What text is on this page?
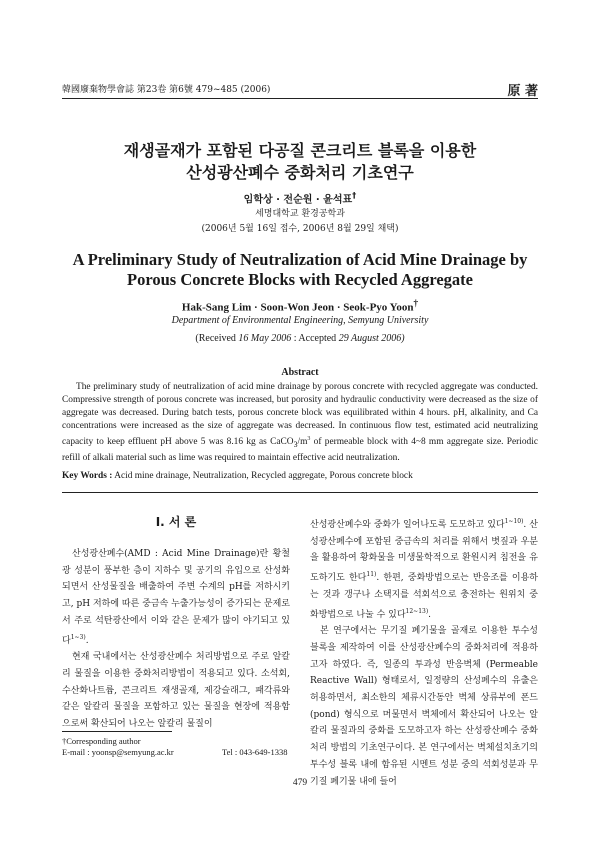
韓國廢棄物學會誌 第23卷 第6號 479~485 (2006)	原 著
재생골재가 포함된 다공질 콘크리트 블록을 이용한
산성광산폐수 중화처리 기초연구
임학상 · 전순원 · 윤석표†
세명대학교 환경공학과
(2006년 5월 16일 접수, 2006년 8월 29일 채택)
A Preliminary Study of Neutralization of Acid Mine Drainage by
Porous Concrete Blocks with Recycled Aggregate
Hak-Sang Lim · Soon-Won Jeon · Seok-Pyo Yoon†
Department of Environmental Engineering, Semyung University
(Received 16 May 2006 : Accepted 29 August 2006)
Abstract
The preliminary study of neutralization of acid mine drainage by porous concrete with recycled aggregate was conducted. Compressive strength of porous concrete was increased, but porosity and hydraulic conductivity were decreased as the size of aggregate was decreased. During batch tests, porous concrete block was equilibrated within 4 hours. pH, alkalinity, and Ca concentrations were increased as the size of aggregate was decreased. In continuous flow test, estimated acid neutralizing capacity to keep effluent pH above 5 was 8.16 kg as $CaCO_3/m^3$ of permeable block with 4~8 mm aggregate size. Periodic refill of alkali material such as lime was required to maintain effective acid neutralization.
Key Words : Acid mine drainage, Neutralization, Recycled aggregate, Porous concrete block
I. 서 론

산성광산폐수(AMD : Acid Mine Drainage)란 황철광 성분이 풍부한 층이 지하수 및 공기의 유입으로 산성화되면서 산성물질을 배출하여 주변 수계의 pH를 저하시키고, pH 저하에 따른 중금속 누출가능성이 증가되는 문제로서 주로 석탄광산에서 이와 같은 문제가 많이 야기되고 있다$^{1\sim 3)}$.

현재 국내에서는 산성광산폐수 처리방법으로 주로 알칼리 물질을 이용한 중화처리방법이 적용되고 있다. 소석회, 수산화나트륨, 콘크리트 재생골재, 제강슬래그, 패각류와 같은 알칼리 물질을 포함하고 있는 물질을 현장에 적용함으로써 확산되어 나오는 알칼리 물질이

산성광산폐수와 중화가 일어나도록 도모하고 있다$^{1\sim 10)}$. 산성광산폐수에 포함된 중금속의 처리를 위해서 볏짚과 우분을 활용하여 황화물을 미생물학적으로 환원시켜 침전을 유도하기도 한다$^{11)}$. 한편, 중화방법으로는 반응조를 이용하는 것과 갱구나 소택지를 석회석으로 충전하는 원위치 중화방법으로 나눌 수 있다$^{12\sim 13)}$.

본 연구에서는 무기질 폐기물을 골재로 이용한 투수성 블록을 제작하여 이를 산성광산폐수의 중화처리에 적용하고자 하였다. 즉, 일종의 투과성 반응벽체 (Permeable Reactive Wall) 형태로서, 일정량의 산성폐수의 유출은 허용하면서, 최소한의 체류시간동안 벽체 상류부에 폰드(pond) 형식으로 머물면서 벽체에서 확산되어 나오는 알칼리 물질과의 중화를 도모하고자 하는 산성광산폐수 중화처리 방법의 기초연구이다. 본 연구에서는 벽체설치초기의 투수성 블록 내에 함유된 시멘트 성분 중의 석회성분과 무기질 폐기물 내에 들어

†Corresponding author
E-mail : yoonsp@semyung.ac.kr	Tel : 043-649-1338
479
